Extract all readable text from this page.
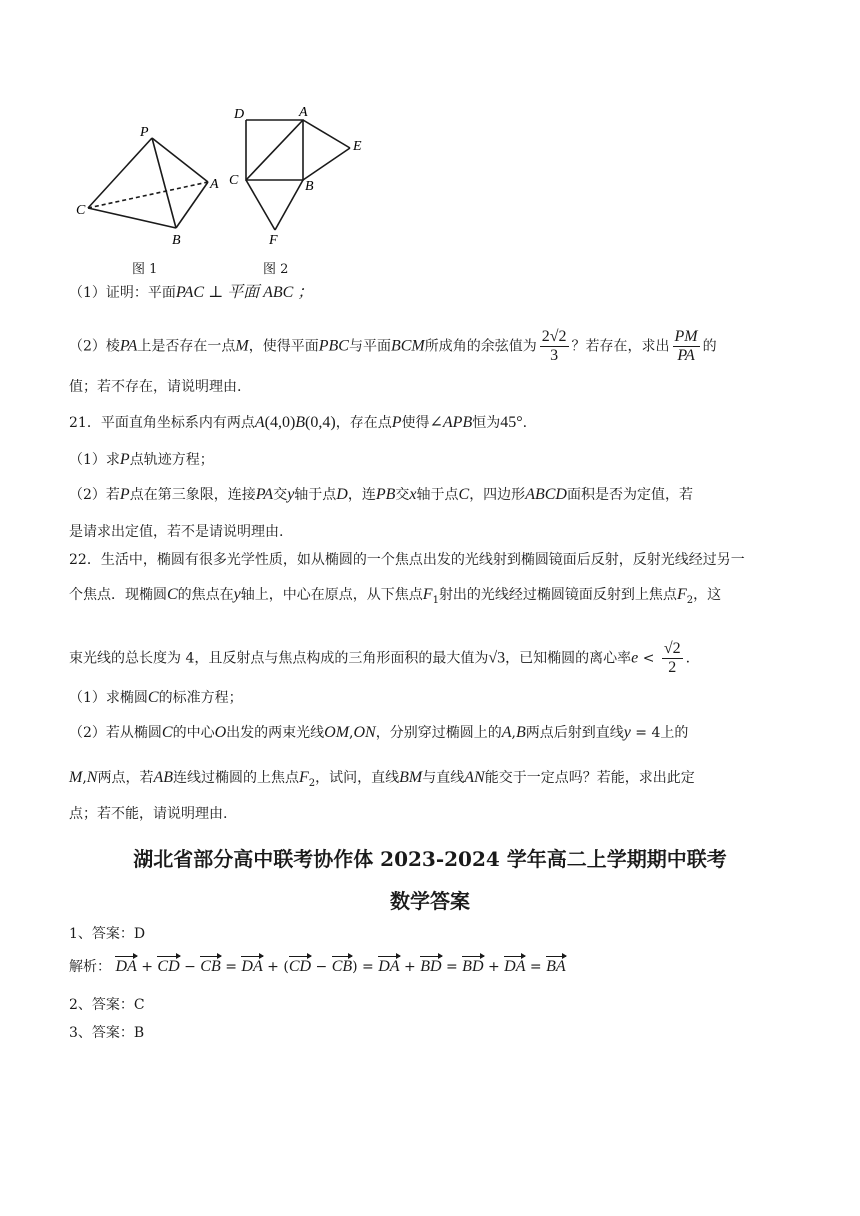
P
A
C
B
D	A
E
C	B
F
图 1	图 2
（1）证明：平面PAC ⊥ 平面 ABC ；
（2）棱PA上是否存在一点M，使得平面PBC与平面BCM所成角的余弦值为 $\frac{2√2}{3}$ ？若存在，求出 $\frac{PM}{PA}$ 的
值；若不存在，请说明理由.
21．平面直角坐标系内有两点A(4,0)B(0,4)，存在点P使得∠APB恒为45°.
（1）求P点轨迹方程；
（2）若P点在第三象限，连接PA交y轴于点D，连PB交x轴于点C，四边形ABCD面积是否为定值，若
是请求出定值，若不是请说明理由.
22．生活中，椭圆有很多光学性质，如从椭圆的一个焦点出发的光线射到椭圆镜面后反射，反射光线经过另一
个焦点．现椭圆C的焦点在y轴上，中心在原点，从下焦点$F_1$射出的光线经过椭圆镜面反射到上焦点$F_2$，这
束光线的总长度为 4，且反射点与焦点构成的三角形面积的最大值为√3，已知椭圆的离心率$e < \frac{√2}{2}$ .
（1）求椭圆C的标准方程；
（2）若从椭圆C的中心O出发的两束光线OM,ON，分别穿过椭圆上的A,B两点后射到直线y = 4上的
M,N两点，若AB连线过椭圆的上焦点$F_2$，试问，直线BM与直线AN能交于一定点吗？若能，求出此定
点；若不能，请说明理由.
湖北省部分高中联考协作体 2023-2024 学年高二上学期期中联考
数学答案
1、答案：D
解析： DA + CD − CB = DA + (CD − CB) = DA + BD = BD + DA = BA
2、答案：C
3、答案：B
